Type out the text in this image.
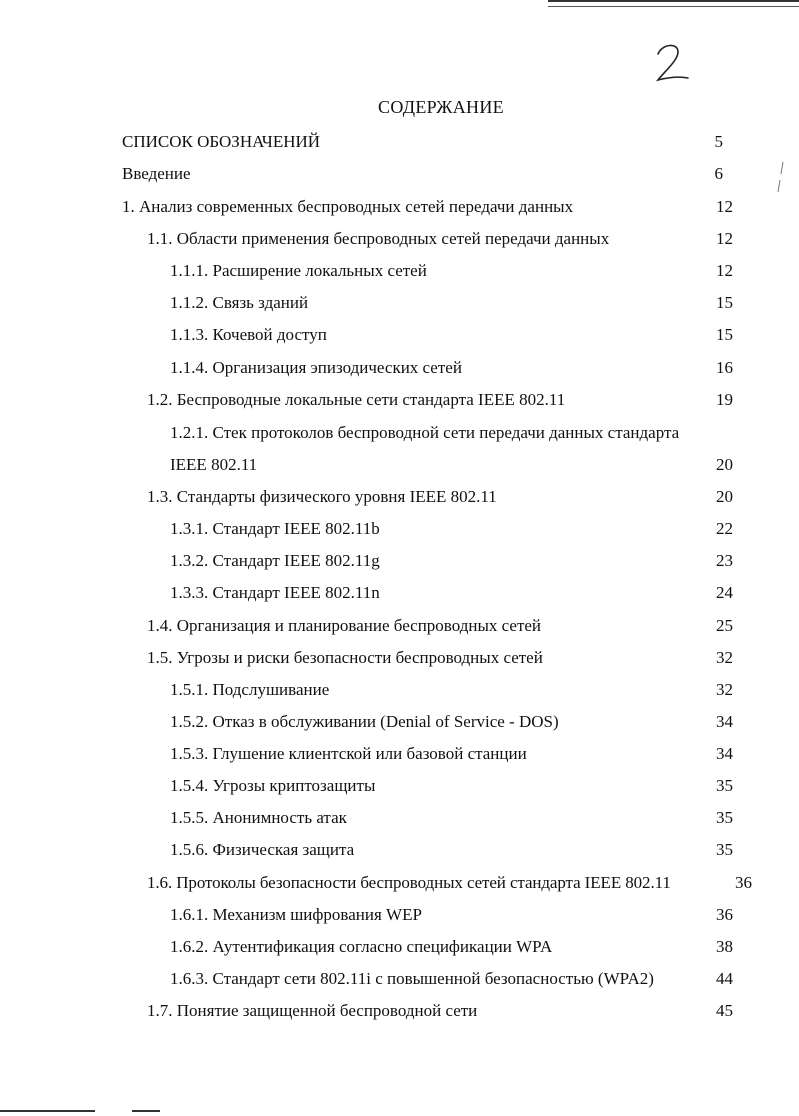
СОДЕРЖАНИЕ
СПИСОК ОБОЗНАЧЕНИЙ	5
Введение	6
1. Анализ современных беспроводных сетей передачи данных	12
1.1. Области применения беспроводных сетей передачи данных	12
1.1.1. Расширение локальных сетей	12
1.1.2. Связь зданий	15
1.1.3. Кочевой доступ	15
1.1.4. Организация эпизодических сетей	16
1.2. Беспроводные локальные сети стандарта IEEE 802.11	19
1.2.1. Стек протоколов беспроводной сети передачи данных стандарта
IEEE 802.11	20
1.3. Стандарты физического уровня IEEE 802.11	20
1.3.1. Стандарт IEEE 802.11b	22
1.3.2. Стандарт IEEE 802.11g	23
1.3.3. Стандарт IEEE 802.11n	24
1.4. Организация и планирование беспроводных сетей	25
1.5. Угрозы и риски безопасности беспроводных сетей	32
1.5.1. Подслушивание	32
1.5.2. Отказ в обслуживании (Denial of Service - DOS)	34
1.5.3. Глушение клиентской или базовой станции	34
1.5.4. Угрозы криптозащиты	35
1.5.5. Анонимность атак	35
1.5.6. Физическая защита	35
1.6. Протоколы безопасности беспроводных сетей стандарта IEEE 802.11	36
1.6.1. Механизм шифрования WEP	36
1.6.2. Аутентификация согласно спецификации WPA	38
1.6.3. Стандарт сети 802.11i с повышенной безопасностью (WPA2)	44
1.7. Понятие защищенной беспроводной сети	45
